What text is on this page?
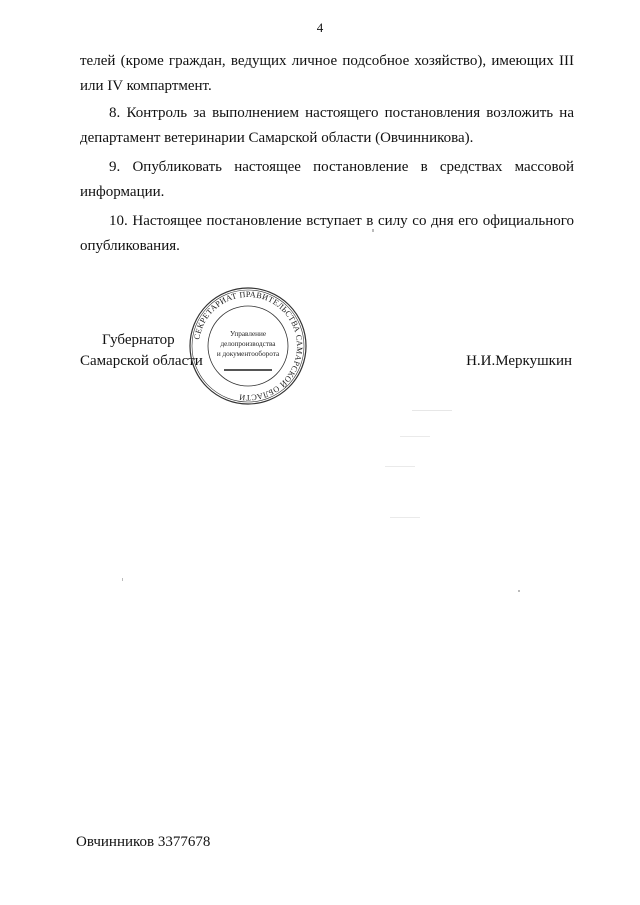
4
телей (кроме граждан, ведущих личное подсобное хозяйство), имеющих III или IV компартмент.
8. Контроль за выполнением настоящего постановления возложить на департамент ветеринарии Самарской области (Овчинникова).
9. Опубликовать настоящее постановление в средствах массовой информации.
10. Настоящее постановление вступает в силу со дня его официального опубликования.
Губернатор
Самарской области
СЕКРЕТАРИАТ ПРАВИТЕЛЬСТВА САМАРСКОЙ ОБЛАСТИ
Управление
делопроизводства
и документооборота	Н.И.Меркушкин
Овчинников 3377678
